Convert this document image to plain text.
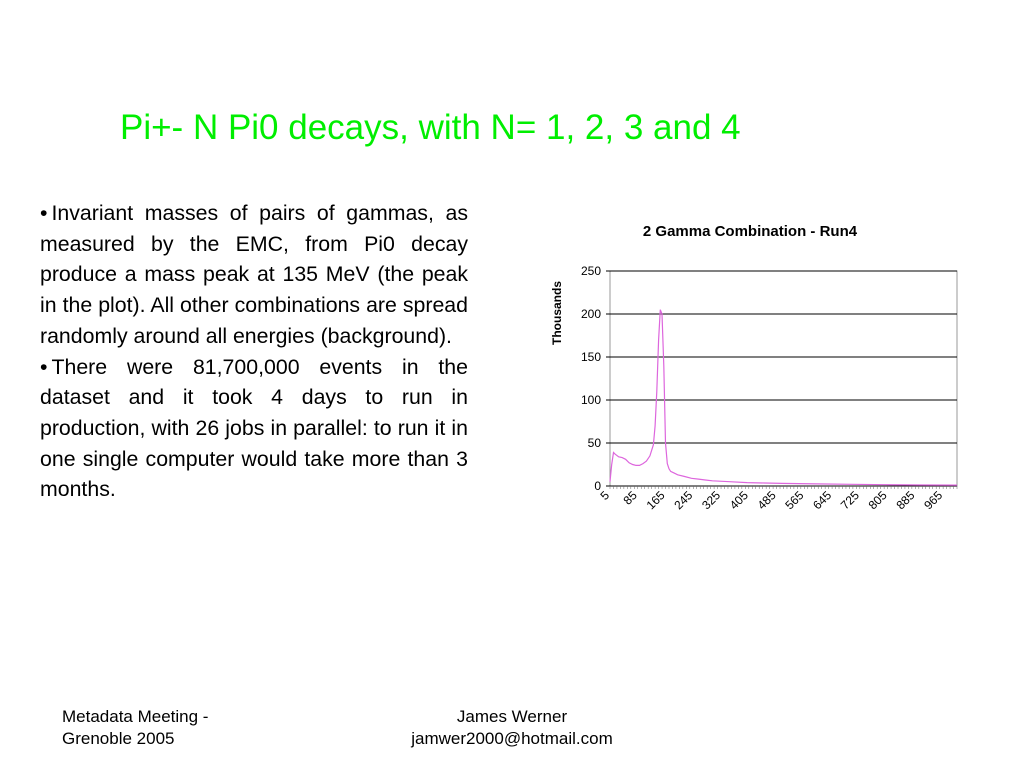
Pi+- N Pi0 decays, with N= 1, 2, 3 and 4

• Invariant masses of pairs of gammas, as measured by the EMC, from Pi0 decay produce a mass peak at 135 MeV (the peak in the plot). All other combinations are spread randomly around all energies (background).

• There were 81,700,000 events in the dataset and it took 4 days to run in production, with 26 jobs in parallel: to run it in one single computer would take more than 3 months.

2 Gamma Combination - Run4
Thousands
0
50
100
150
200
250
5 85 165 245 325 405 485 565 645 725 805 885 965
Metadata Meeting -
Grenoble 2005
James Werner
jamwer2000@hotmail.com
